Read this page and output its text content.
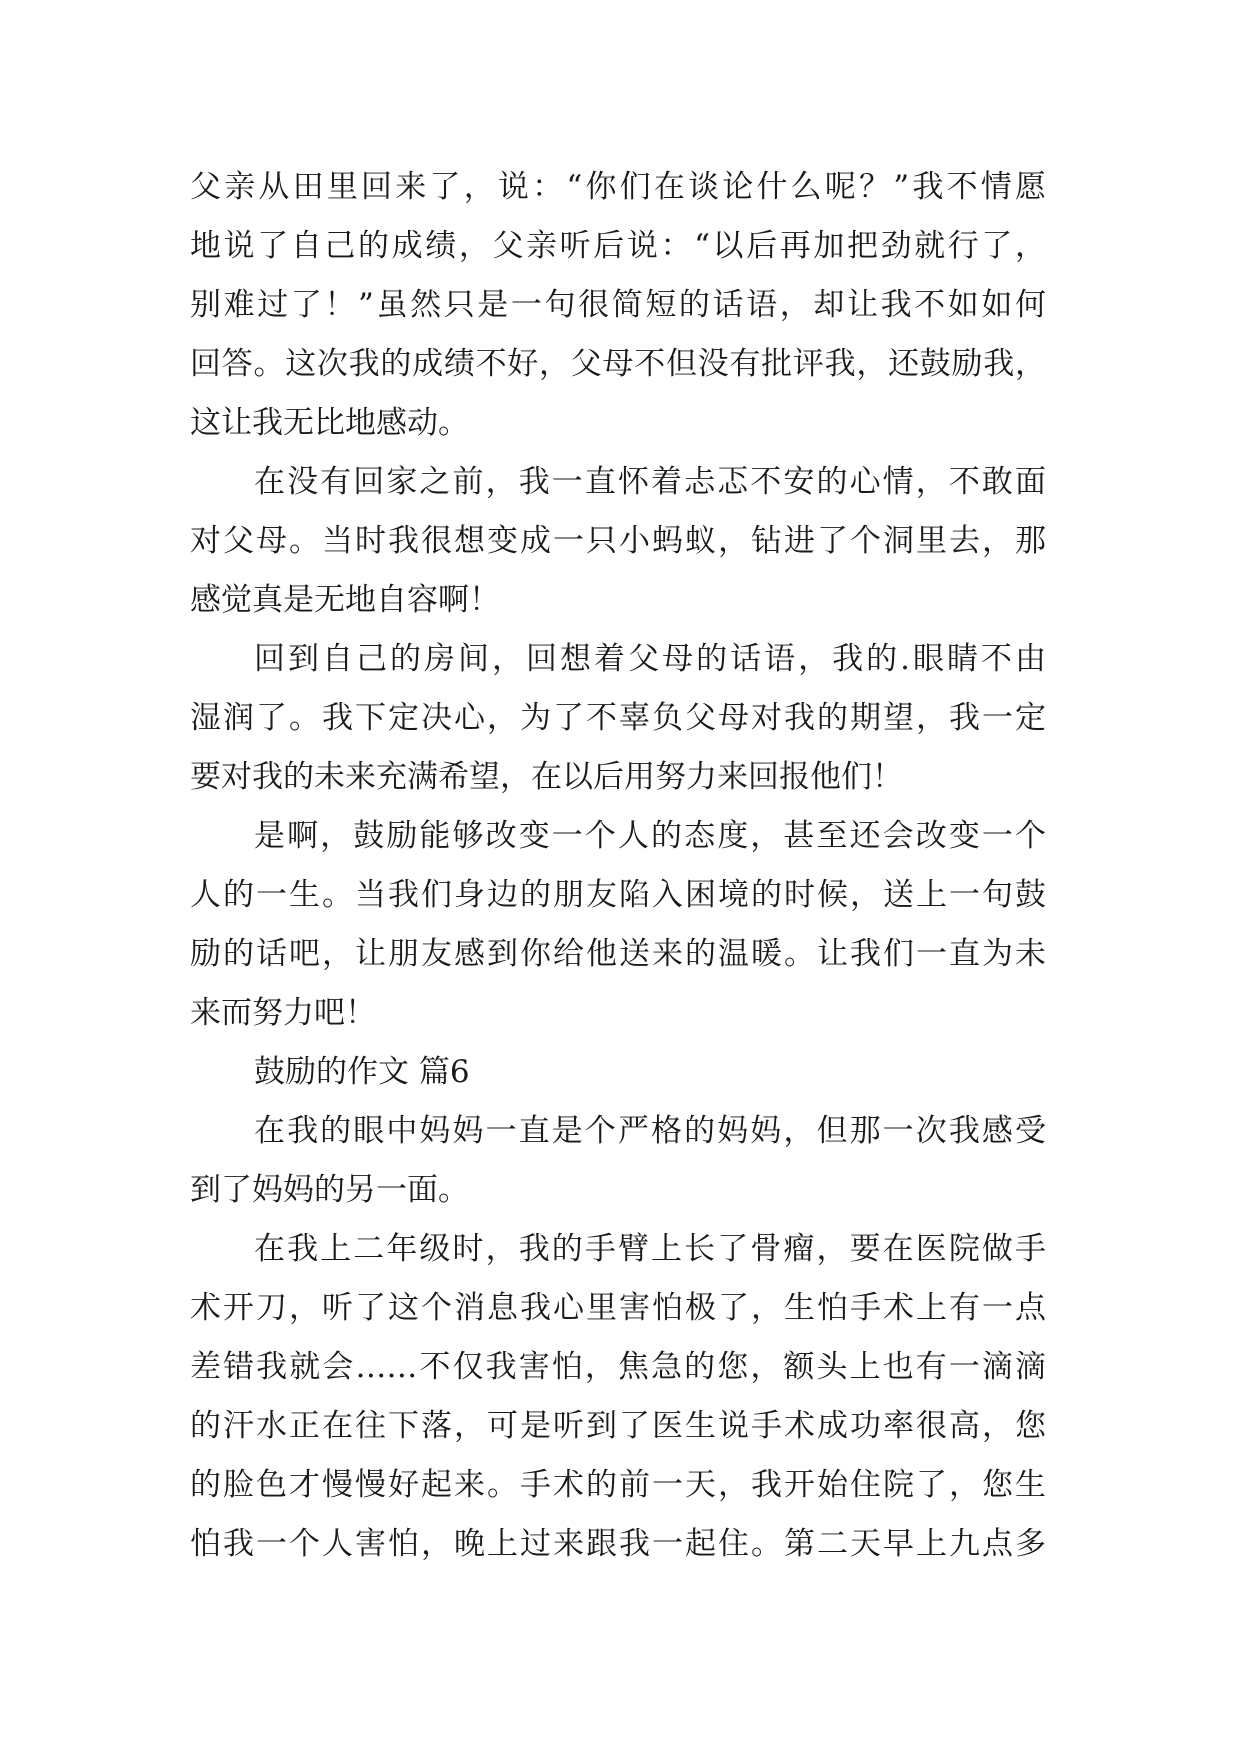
父亲从田里回来了，说：“你们在谈论什么呢？”我不情愿
地说了自己的成绩，父亲听后说：“以后再加把劲就行了，
别难过了！”虽然只是一句很简短的话语，却让我不如如何
回答。这次我的成绩不好，父母不但没有批评我，还鼓励我，
这让我无比地感动。
在没有回家之前，我一直怀着忐忑不安的心情，不敢面
对父母。当时我很想变成一只小蚂蚁，钻进了个洞里去，那
感觉真是无地自容啊！
回到自己的房间，回想着父母的话语，我的.眼睛不由
湿润了。我下定决心，为了不辜负父母对我的期望，我一定
要对我的未来充满希望，在以后用努力来回报他们！
是啊，鼓励能够改变一个人的态度，甚至还会改变一个
人的一生。当我们身边的朋友陷入困境的时候，送上一句鼓
励的话吧，让朋友感到你给他送来的温暖。让我们一直为未
来而努力吧！
鼓励的作文 篇6
在我的眼中妈妈一直是个严格的妈妈，但那一次我感受
到了妈妈的另一面。
在我上二年级时，我的手臂上长了骨瘤，要在医院做手
术开刀，听了这个消息我心里害怕极了，生怕手术上有一点
差错我就会……不仅我害怕，焦急的您，额头上也有一滴滴
的汗水正在往下落，可是听到了医生说手术成功率很高，您
的脸色才慢慢好起来。手术的前一天，我开始住院了，您生
怕我一个人害怕，晚上过来跟我一起住。第二天早上九点多
